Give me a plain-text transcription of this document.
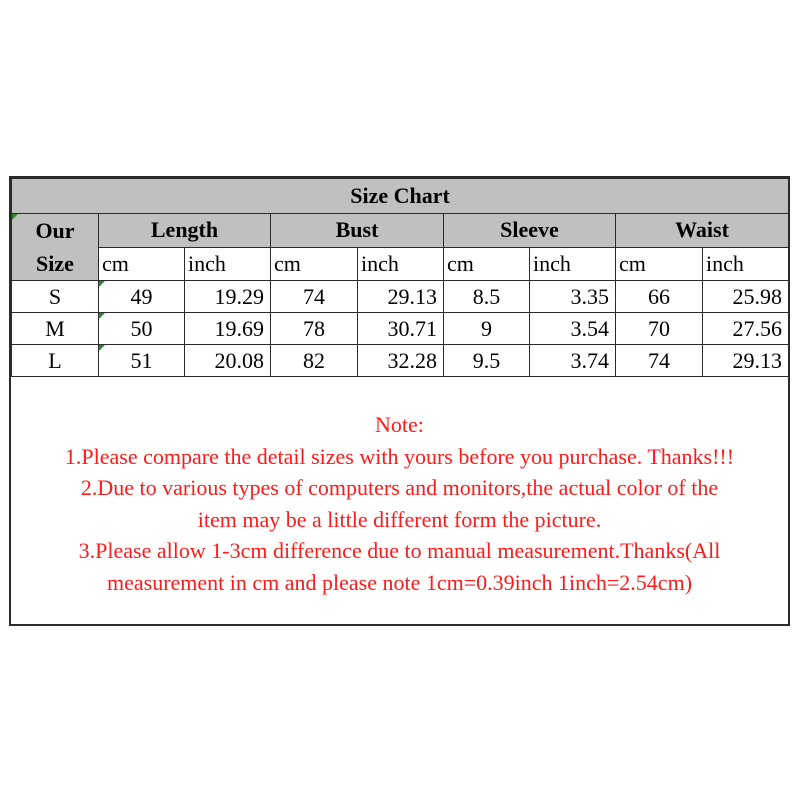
Size Chart								

Our
Size	Length		Bust		Sleeve		Waist	
	cm	inch	cm	inch	cm	inch	cm	inch
S	49	19.29	74	29.13	8.5	3.35	66	25.98
M	50	19.69	78	30.71	9	3.54	70	27.56
L	51	20.08	82	32.28	9.5	3.74	74	29.13
Note:
1.Please compare the detail sizes with yours before you purchase. Thanks!!!
2.Due to various types of computers and monitors,the actual color of the
item may be a little different form the picture.
3.Please allow 1-3cm difference due to manual measurement.Thanks(All
measurement in cm and please note 1cm=0.39inch 1inch=2.54cm)
